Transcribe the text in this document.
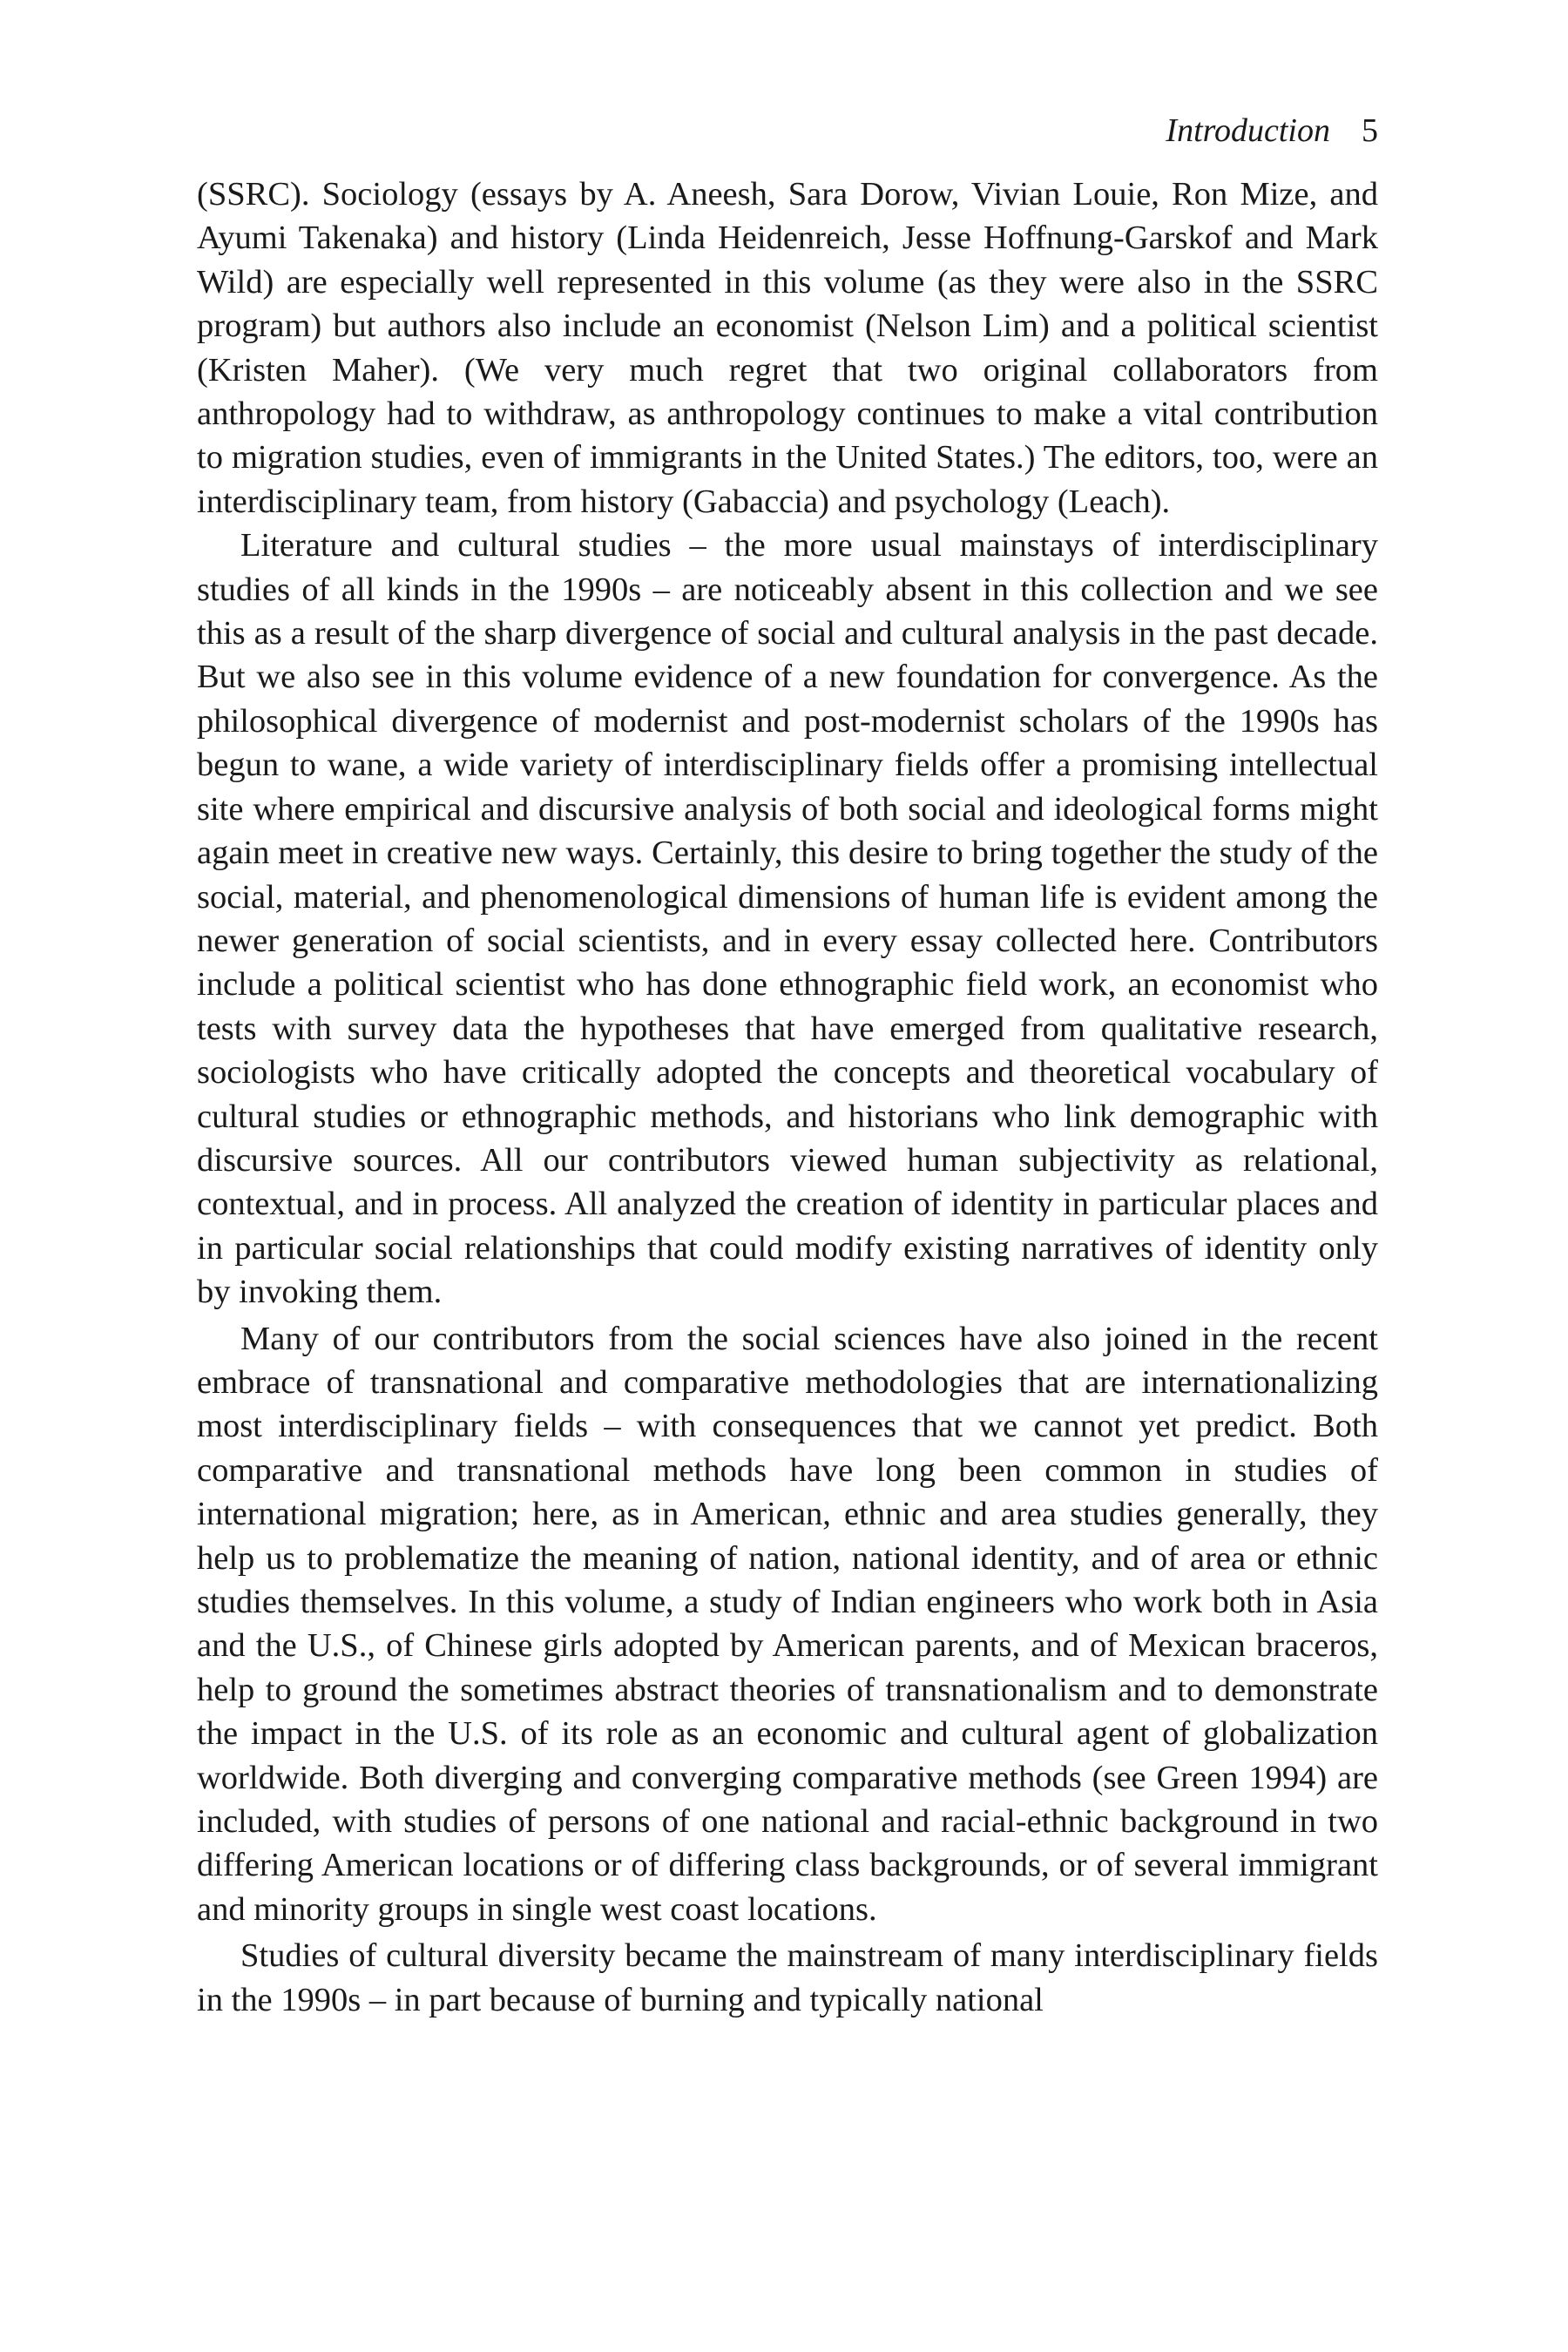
Introduction 5

(SSRC). Sociology (essays by A. Aneesh, Sara Dorow, Vivian Louie, Ron Mize, and Ayumi Takenaka) and history (Linda Heidenreich, Jesse Hoffnung-Garskof and Mark Wild) are especially well represented in this volume (as they were also in the SSRC program) but authors also include an economist (Nelson Lim) and a political scientist (Kristen Maher). (We very much regret that two original collaborators from anthropology had to withdraw, as anthropology continues to make a vital contribution to migration studies, even of immigrants in the United States.) The editors, too, were an interdisciplinary team, from history (Gabaccia) and psychology (Leach).

Literature and cultural studies – the more usual mainstays of interdisciplinary studies of all kinds in the 1990s – are noticeably absent in this collection and we see this as a result of the sharp divergence of social and cultural analysis in the past decade. But we also see in this volume evidence of a new foundation for convergence. As the philosophical divergence of modernist and post-modernist scholars of the 1990s has begun to wane, a wide variety of interdisciplinary fields offer a promising intellectual site where empirical and discursive analysis of both social and ideological forms might again meet in creative new ways. Certainly, this desire to bring together the study of the social, material, and phenomenological dimensions of human life is evident among the newer generation of social scientists, and in every essay collected here. Contributors include a political scientist who has done ethnographic field work, an economist who tests with survey data the hypotheses that have emerged from qualitative research, sociologists who have critically adopted the concepts and theoretical vocabulary of cultural studies or ethnographic methods, and historians who link demographic with discursive sources. All our contributors viewed human subjectivity as relational, contextual, and in process. All analyzed the creation of identity in particular places and in particular social relationships that could modify existing narratives of identity only by invoking them.

Many of our contributors from the social sciences have also joined in the recent embrace of transnational and comparative methodologies that are internationalizing most interdisciplinary fields – with consequences that we cannot yet predict. Both comparative and transnational methods have long been common in studies of international migration; here, as in American, ethnic and area studies generally, they help us to problematize the meaning of nation, national identity, and of area or ethnic studies themselves. In this volume, a study of Indian engineers who work both in Asia and the U.S., of Chinese girls adopted by American parents, and of Mexican braceros, help to ground the sometimes abstract theories of transnationalism and to demonstrate the impact in the U.S. of its role as an economic and cultural agent of globalization worldwide. Both diverging and converging comparative methods (see Green 1994) are included, with studies of persons of one national and racial-ethnic background in two differing American locations or of differing class backgrounds, or of several immigrant and minority groups in single west coast locations.

Studies of cultural diversity became the mainstream of many interdisciplinary fields in the 1990s – in part because of burning and typically national
